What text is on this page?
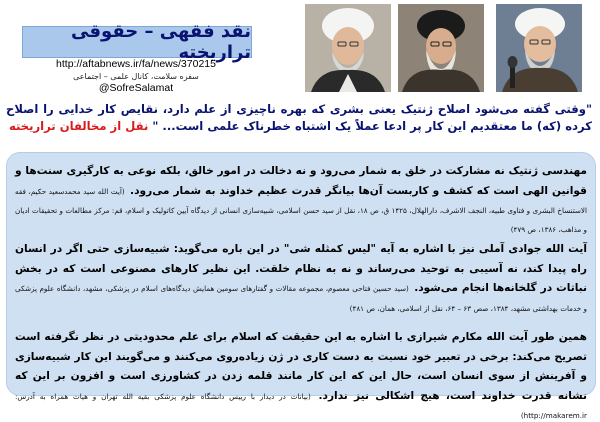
نقد فقهی – حقوقی تراریخته
http://aftabnews.ir/fa/news/370215
سفره سلامت، کانال علمی – اجتماعی
@SofreSalamat
"وقتی گفته می‌شود اصلاح ژنتیک یعنی بشری که بهره ناچیزی از علم دارد، نقایص کار خدایی را اصلاح کرده (که) ما معتقدیم این کار پر ادعا عملاً یک اشتباه خطرناک علمی است... " نقل از مخالفان تراریخته
مهندسی ژنتیک نه مشارکت در خلق به شمار می‌رود و نه دخالت در امور خالق، بلکه نوعی به کارگیری سنت‌ها و قوانین الهی است که کشف و کاربست آن‌ها بیانگر قدرت عظیم خداوند به شمار می‌رود. (آیت الله سید محمدسعید حکیم، فقه الاستنساخ البشری و فتاوی طبیه، النجف الاشرف، دارالهلال، ۱۴۲۵ ق، ص ۱۸، نقل از سید حسن اسلامی، شبیه‌سازی انسانی از دیدگاه آیین کاتولیک و اسلام، قم: مرکز مطالعات و تحقیقات ادیان و مذاهب، ۱۳۸۶، ص ۴۷۹)
آیت الله جوادی آملی نیز با اشاره به آیه "لیس کمثله شی" در این باره می‌گوید: شبیه‌سازی حتی اگر در انسان راه پیدا کند، نه آسیبی به توحید می‌رساند و نه به نظام خلقت. این نظیر کارهای مصنوعی است که در بخش نباتات در گلخانه‌ها انجام می‌شود. (سید حسین فتاحی معصوم، مجموعه مقالات و گفتارهای سومین همایش دیدگاه‌های اسلام در پزشکی، مشهد، دانشگاه علوم پزشکی و خدمات بهداشتی مشهد، ۱۳۸۴، صص ۶۳ – ۶۴، نقل از اسلامی، همان، ص ۴۸۱)
همین طور آیت الله مکارم شیرازی با اشاره به این حقیقت که اسلام برای علم محدودیتی در نظر نگرفته است تصریح می‌کند: برخی در تعبیر خود نسبت به دست کاری در ژن زیاده‌روی می‌کنند و می‌گویند این کار شبیه‌سازی و آفرینش از سوی انسان است، حال این که این کار مانند قلمه زدن در کشاورزی است و افزون بر این که نشانه قدرت خداوند است، هیچ اشکالی نیز ندارد. (بیانات در دیدار با رییس دانشگاه علوم پزشکی بقیه الله تهران و هیات همراه به آدرس: http://makarem.ir)
